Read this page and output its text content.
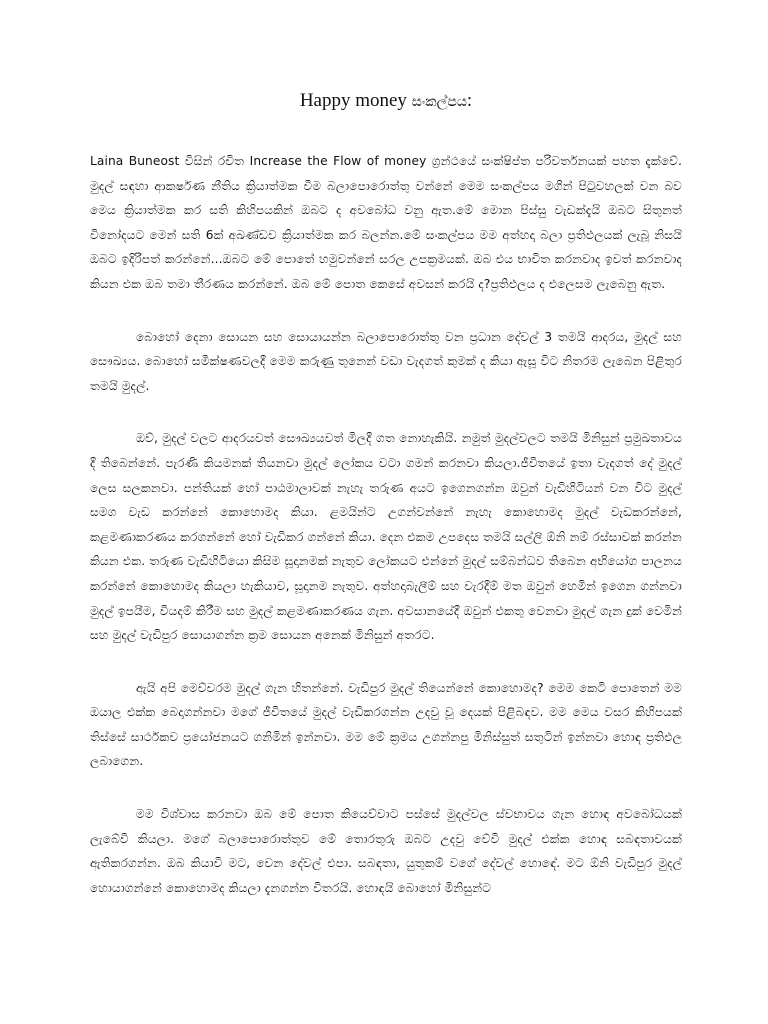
Happy money සංකල්පය:

Laina Buneost විසින් රචිත Increase the Flow of money ග්‍රන්ථයේ සංක්ෂිප්ත පරිවර්තනයක් පහත දැක්වේ. මුදල් සඳහා ආකර්ෂණ නීතිය ක්‍රියාත්මක වීම බලාපොරොත්තු වන්නේ මෙම සංකල්පය මගින් පිටුවහලක් වන බව මෙය ක්‍රියාත්මක කර සති කිහිපයකින් ඔබට ද අවබෝධ වනු ඇත.මේ මොන පිස්සු වැඩක්දැයි ඔබට සිතුනත් විනෝදයට මෙන් සති 6ක් අඛණ්ඩව ක්‍රියාත්මක කර බලන්න.මේ සංකල්පය මම අත්හදා බලා ප්‍රතිඵලයක් ලැබූ නිසයි ඔබට ඉදිරිපත් කරන්නේ...ඔබට මේ පොතේ හමුවන්නේ සරල උපක්‍රමයක්. ඔබ එය භාවිත කරනවාද ඉවත් කරනවාද කියන එක ඔබ තමා තීරණය කරන්නේ. ඔබ මේ පොත කෙසේ අවසන් කරයි ද?ප්‍රතිඵලය ද එලෙසම ලැබෙනු ඇත.

බොහෝ දෙනා සොයන සහ සොයායන්න බලාපොරොත්තු වන ප්‍රධාන දේවල් 3 තමයි ආදරය, මුදල් සහ සෞඛ්‍යය. බොහෝ සමීක්ෂණවලදී මෙම කරුණු තුනෙන් වඩා වැදගත් කුමක් ද කියා ඇසූ විට නිතරම ලැබෙන පිළිතුර තමයි මුදල්.

ඔව්, මුදල් වලට ආදරයවත් සෞඛ්‍යයවත් මිලදී ගත නොහැකියි. නමුත් මුදල්වලට තමයි මිනිසුන් ප්‍රමුඛතාවය දී තිබෙන්නේ. පැරණි කියමනක් තියනවා මුදල් ලෝකය වටා ගමන් කරනවා කියලා.ජීවිතයේ ඉතා වැදගත් දේ මුදල් ලෙස සලකනවා. පන්තියක් හෝ පාඨමාලාවක් නැහැ තරුණ අයට ඉගෙනගන්න ඔවුන් වැඩිහිටියන් වන විට මුදල් සමග වැඩ කරන්නේ කොහොමද කියා. ළමයින්ට උගන්වන්නේ නැහැ කොහොමද මුදල් වැඩකරන්නේ, කළමණාකරණය කරගන්නේ හෝ වැඩිකර ගන්නේ කියා. දෙන එකම උපදෙස තමයි සල්ලි ඕනි නම් රස්සාවක් කරන්න කියන එක. තරුණ වැඩිහිටියො කිසිම සූදානමක් නැතුව ලෝකයට එන්නේ මුදල් සම්බන්ධව තිබෙන අභියෝග පාලනය කරන්නේ කොහොමද කියලා හැකියාව, සූදානම නැතුව. අත්හදාබැලීම් සහ වැරදීම් මත ඔවුන් හෙමින් ඉගෙන ගන්නවා මුදල් ඉපයීම, වියදම් කිරීම සහ මුදල් කළමණාකරණය ගැන. අවසානයේදී ඔවුන් එකතු වෙනවා මුදල් ගැන දුක් වෙමින් සහ මුදල් වැඩිපුර සොයාගන්න ක්‍රම සොයන අනෙක් මිනිසුන් අතරට.

ඇයි අපි මෙච්චරම මුදල් ගැන හිතන්නේ. වැඩිපුර මුදල් තියෙන්නේ කොහොමද? මෙම කෙටි පොතෙන් මම ඔයාල එක්ක බෙදාගන්නවා මගේ ජීවිතයේ මුදල් වැඩිකරගන්න උදවු වූ දෙයක් පිළිබඳව. මම මෙය වසර කිහිපයක් තිස්සේ සාර්ථකව ප්‍රයෝජනයට ගනිමින් ඉන්නවා. මම මේ ක්‍රමය උගන්නපු මිනිස්සුත් සතුටින් ඉන්නවා හොඳ ප්‍රතිඵල ලබාගෙන.

මම විශ්වාස කරනවා ඔබ මේ පොත කියෙව්වාට පස්සේ මුදල්වල ස්වභාවය ගැන හොඳ අවබෝධයක් ලැබේවි කියලා. මගේ බලාපොරොත්තුව මේ තොරතුරු ඔබට උදවු වේවි මුදල් එක්ක හොඳ සබඳතාවයක් ඇතිකරගන්න. ඔබ කියාවි මට, වෙන දේවල් එපා. සබඳතා, යුතුකම් වගේ දේවල් හොඳේ. මට ඕනි වැඩිපුර මුදල් හොයාගන්නේ කොහොමද කියලා දැනගන්න විතරයි. හොඳයි බොහෝ මිනිසුන්ට
